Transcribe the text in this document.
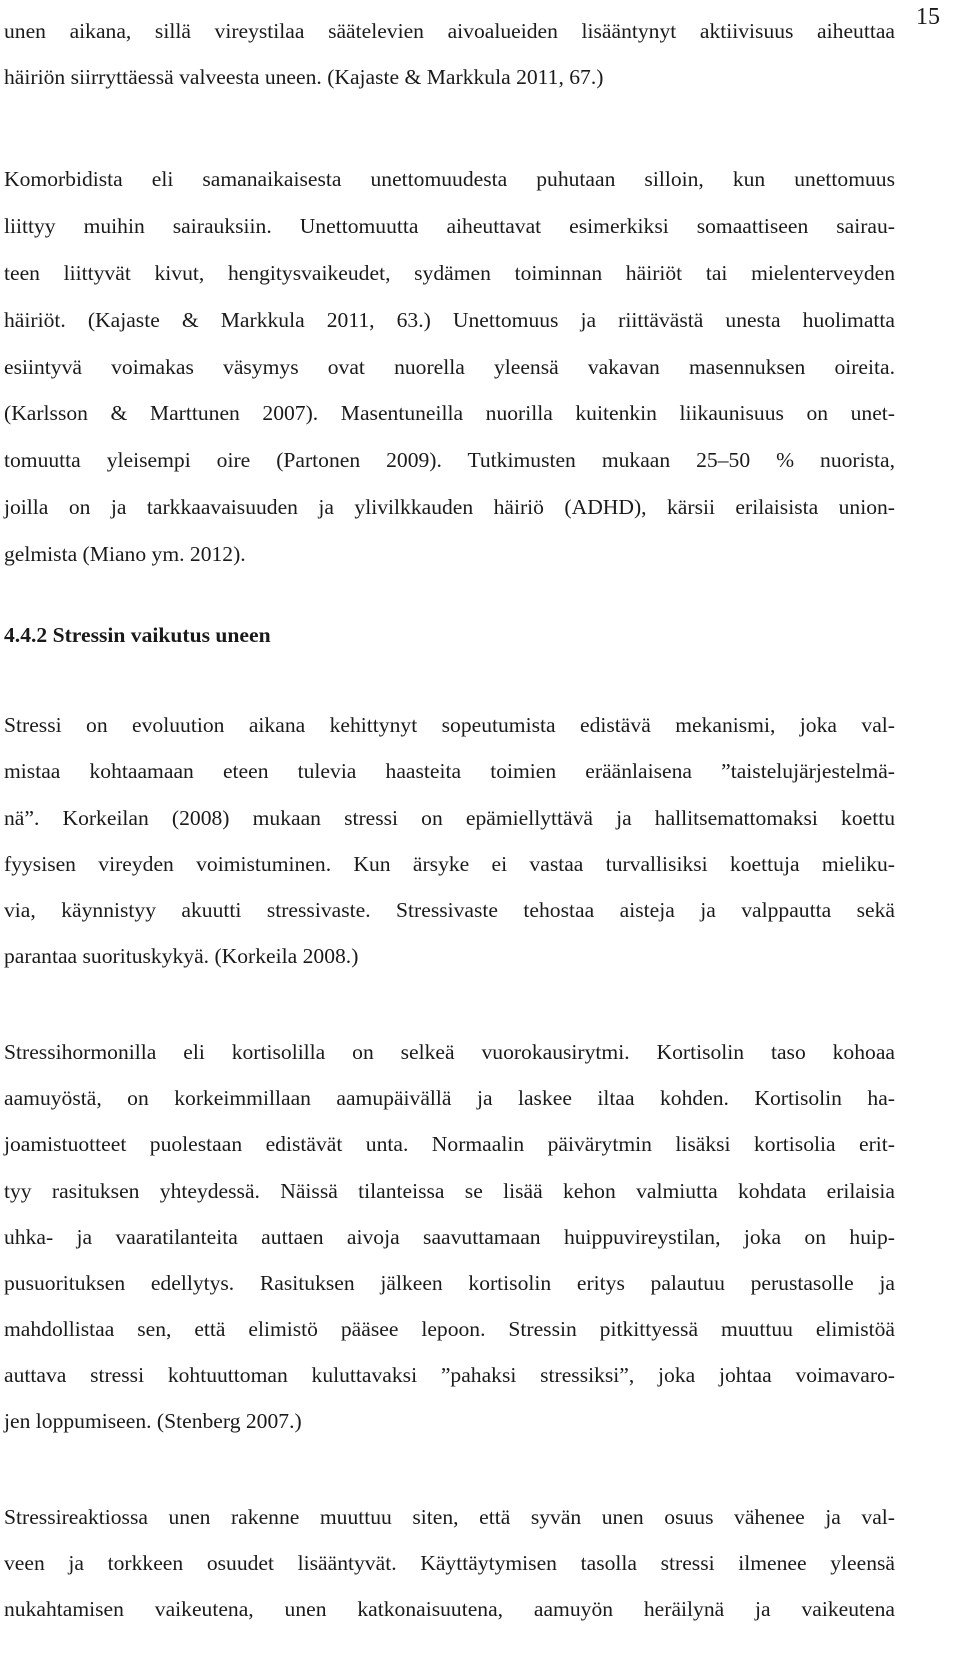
15
unen aikana, sillä vireystilaa säätelevien aivoalueiden lisääntynyt aktiivisuus aiheuttaa
häiriön siirryttäessä valveesta uneen. (Kajaste & Markkula 2011, 67.)
Komorbidista eli samanaikaisesta unettomuudesta puhutaan silloin, kun unettomuus
liittyy muihin sairauksiin. Unettomuutta aiheuttavat esimerkiksi somaattiseen sairau-
teen liittyvät kivut, hengitysvaikeudet, sydämen toiminnan häiriöt tai mielenterveyden
häiriöt. (Kajaste & Markkula 2011, 63.) Unettomuus ja riittävästä unesta huolimatta
esiintyvä voimakas väsymys ovat nuorella yleensä vakavan masennuksen oireita.
(Karlsson & Marttunen 2007). Masentuneilla nuorilla kuitenkin liikaunisuus on unet-
tomuutta yleisempi oire (Partonen 2009). Tutkimusten mukaan 25–50 % nuorista,
joilla on ja tarkkaavaisuuden ja ylivilkkauden häiriö (ADHD), kärsii erilaisista union-
gelmista (Miano ym. 2012).
4.4.2 Stressin vaikutus uneen
Stressi on evoluution aikana kehittynyt sopeutumista edistävä mekanismi, joka val-
mistaa kohtaamaan eteen tulevia haasteita toimien eräänlaisena ”taistelujärjestelmä-
nä”. Korkeilan (2008) mukaan stressi on epämiellyttävä ja hallitsemattomaksi koettu
fyysisen vireyden voimistuminen. Kun ärsyke ei vastaa turvallisiksi koettuja mieliku-
via, käynnistyy akuutti stressivaste. Stressivaste tehostaa aisteja ja valppautta sekä
parantaa suorituskykyä. (Korkeila 2008.)
Stressihormonilla eli kortisolilla on selkeä vuorokausirytmi. Kortisolin taso kohoaa
aamuyöstä, on korkeimmillaan aamupäivällä ja laskee iltaa kohden. Kortisolin ha-
joamistuotteet puolestaan edistävät unta. Normaalin päivärytmin lisäksi kortisolia erit-
tyy rasituksen yhteydessä. Näissä tilanteissa se lisää kehon valmiutta kohdata erilaisia
uhka- ja vaaratilanteita auttaen aivoja saavuttamaan huippuvireystilan, joka on huip-
pusuorituksen edellytys. Rasituksen jälkeen kortisolin eritys palautuu perustasolle ja
mahdollistaa sen, että elimistö pääsee lepoon. Stressin pitkittyessä muuttuu elimistöä
auttava stressi kohtuuttoman kuluttavaksi ”pahaksi stressiksi”, joka johtaa voimavaro-
jen loppumiseen. (Stenberg 2007.)
Stressireaktiossa unen rakenne muuttuu siten, että syvän unen osuus vähenee ja val-
veen ja torkkeen osuudet lisääntyvät. Käyttäytymisen tasolla stressi ilmenee yleensä
nukahtamisen vaikeutena, unen katkonaisuutena, aamuyön heräilynä ja vaikeutena
